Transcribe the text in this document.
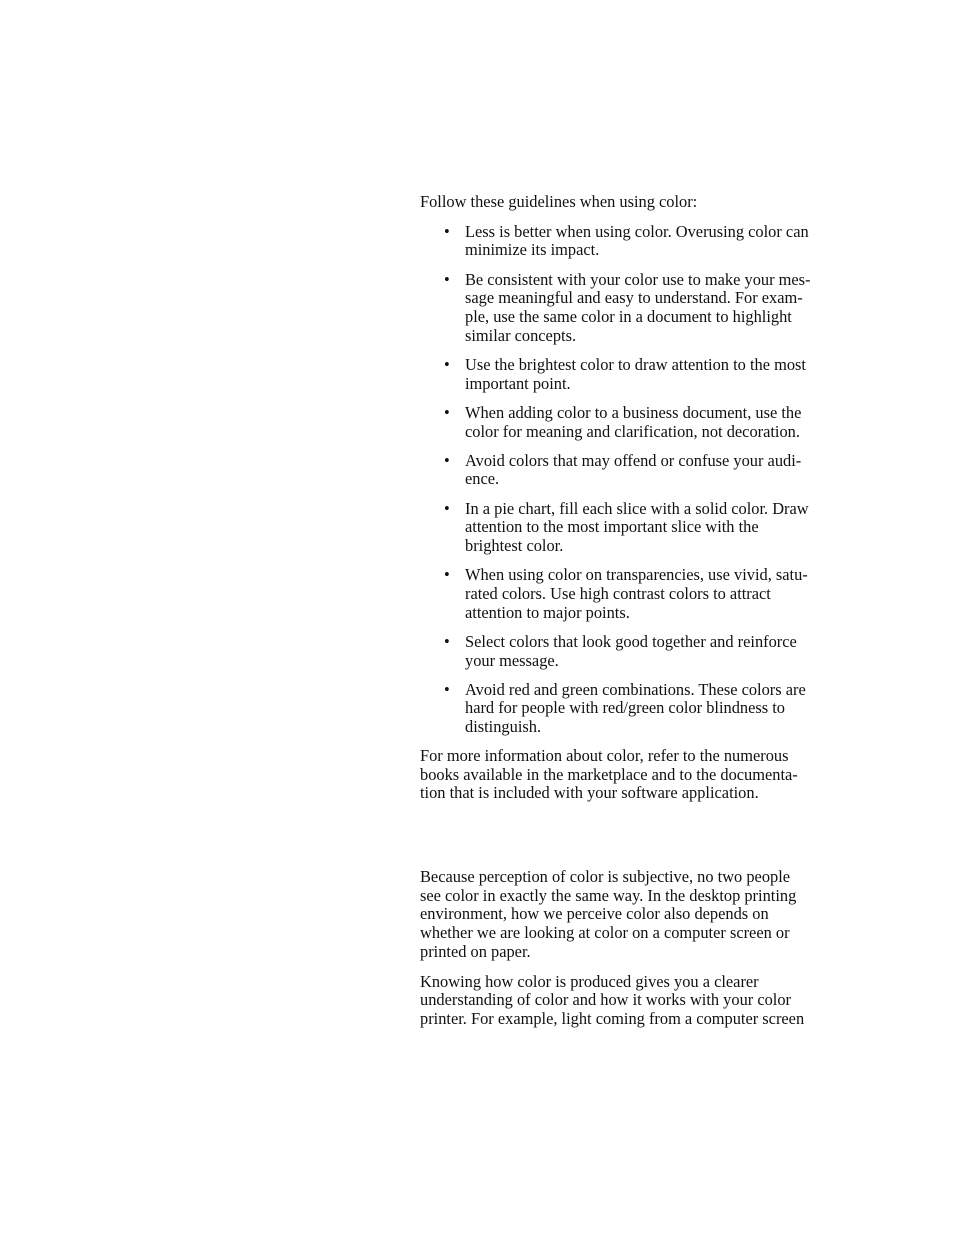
Follow these guidelines when using color:

• Less is better when using color. Overusing color can
minimize its impact.
• Be consistent with your color use to make your mes-
sage meaningful and easy to understand. For exam-
ple, use the same color in a document to highlight
similar concepts.
• Use the brightest color to draw attention to the most
important point.
• When adding color to a business document, use the
color for meaning and clarification, not decoration.
• Avoid colors that may offend or confuse your audi-
ence.
• In a pie chart, fill each slice with a solid color. Draw
attention to the most important slice with the
brightest color.
• When using color on transparencies, use vivid, satu-
rated colors. Use high contrast colors to attract
attention to major points.
• Select colors that look good together and reinforce
your message.
• Avoid red and green combinations. These colors are
hard for people with red/green color blindness to
distinguish.

For more information about color, refer to the numerous
books available in the marketplace and to the documenta-
tion that is included with your software application.

Because perception of color is subjective, no two people
see color in exactly the same way. In the desktop printing
environment, how we perceive color also depends on
whether we are looking at color on a computer screen or
printed on paper.

Knowing how color is produced gives you a clearer
understanding of color and how it works with your color
printer. For example, light coming from a computer screen
